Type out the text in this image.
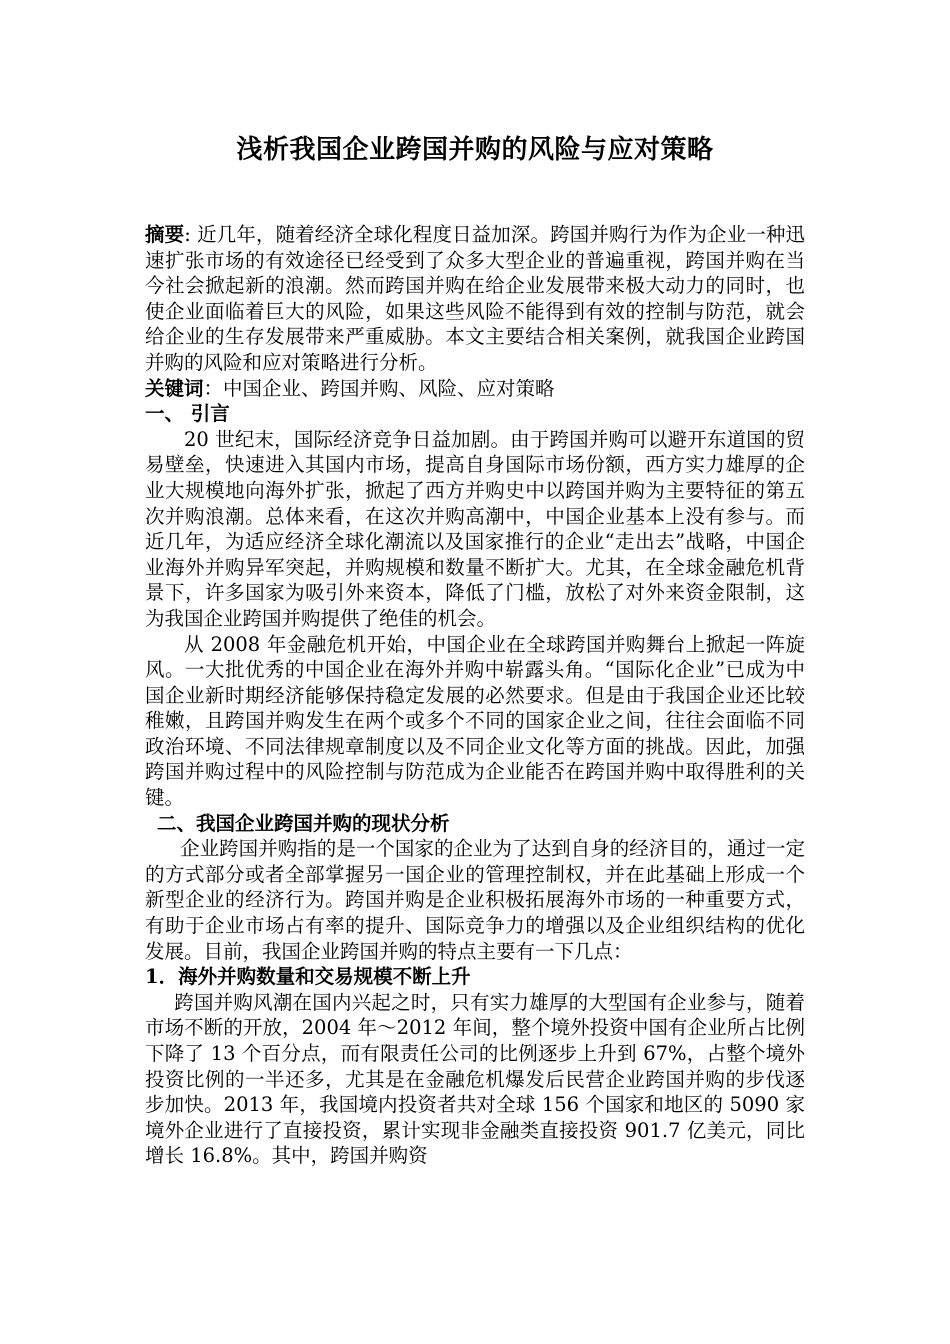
浅析我国企业跨国并购的风险与应对策略

摘要: 近几年，随着经济全球化程度日益加深。跨国并购行为作为企业一种迅速扩张市场的有效途径已经受到了众多大型企业的普遍重视，跨国并购在当今社会掀起新的浪潮。然而跨国并购在给企业发展带来极大动力的同时，也使企业面临着巨大的风险，如果这些风险不能得到有效的控制与防范，就会给企业的生存发展带来严重威胁。本文主要结合相关案例，就我国企业跨国并购的风险和应对策略进行分析。

关键词：中国企业、跨国并购、风险、应对策略

一、 引言

20 世纪末，国际经济竞争日益加剧。由于跨国并购可以避开东道国的贸易壁垒，快速进入其国内市场，提高自身国际市场份额，西方实力雄厚的企业大规模地向海外扩张，掀起了西方并购史中以跨国并购为主要特征的第五次并购浪潮。总体来看，在这次并购高潮中，中国企业基本上没有参与。而近几年，为适应经济全球化潮流以及国家推行的企业“走出去”战略，中国企业海外并购异军突起，并购规模和数量不断扩大。尤其，在全球金融危机背景下，许多国家为吸引外来资本，降低了门槛，放松了对外来资金限制，这为我国企业跨国并购提供了绝佳的机会。

从 2008 年金融危机开始，中国企业在全球跨国并购舞台上掀起一阵旋风。一大批优秀的中国企业在海外并购中崭露头角。“国际化企业”已成为中国企业新时期经济能够保持稳定发展的必然要求。但是由于我国企业还比较稚嫩，且跨国并购发生在两个或多个不同的国家企业之间，往往会面临不同政治环境、不同法律规章制度以及不同企业文化等方面的挑战。因此，加强跨国并购过程中的风险控制与防范成为企业能否在跨国并购中取得胜利的关键。

二、我国企业跨国并购的现状分析

企业跨国并购指的是一个国家的企业为了达到自身的经济目的，通过一定的方式部分或者全部掌握另一国企业的管理控制权，并在此基础上形成一个新型企业的经济行为。跨国并购是企业积极拓展海外市场的一种重要方式，有助于企业市场占有率的提升、国际竞争力的增强以及企业组织结构的优化发展。目前，我国企业跨国并购的特点主要有一下几点：

1．海外并购数量和交易规模不断上升

跨国并购风潮在国内兴起之时，只有实力雄厚的大型国有企业参与，随着市场不断的开放，2004 年～2012 年间，整个境外投资中国有企业所占比例下降了 13 个百分点，而有限责任公司的比例逐步上升到 67%，占整个境外投资比例的一半还多，尤其是在金融危机爆发后民营企业跨国并购的步伐逐步加快。2013 年，我国境内投资者共对全球 156 个国家和地区的 5090 家境外企业进行了直接投资，累计实现非金融类直接投资 901.7 亿美元，同比增长 16.8%。其中，跨国并购资
